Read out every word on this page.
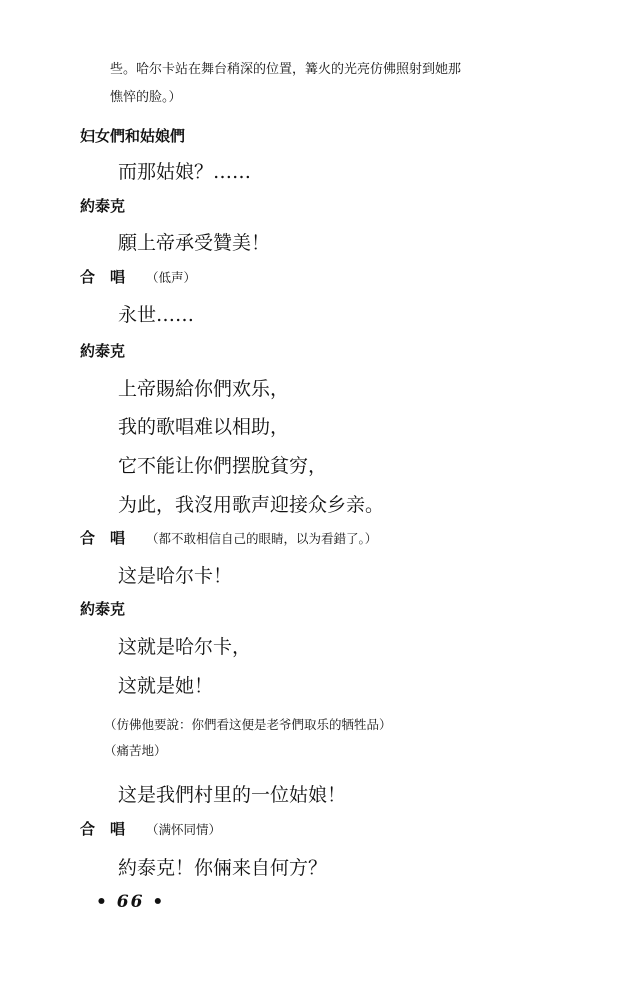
些。哈尔卡站在舞台稍深的位置，篝火的光亮仿佛照射到她那
憔悴的脸。）
妇女們和姑娘們
而那姑娘？……
約泰克
願上帝承受贊美！
合　唱 （低声）
永世……
約泰克
上帝賜給你們欢乐，
我的歌唱难以相助，
它不能让你們摆脫貧穷，
为此，我沒用歌声迎接众乡亲。
合　唱 （都不敢相信自己的眼睛，以为看錯了。）
这是哈尔卡！
約泰克
这就是哈尔卡，
这就是她！
（仿佛他要說：你們看这便是老爷們取乐的牺牲品）
（痛苦地）
这是我們村里的一位姑娘！
合　唱 （满怀同情）
約泰克！你倆来自何方？
• 66 •
